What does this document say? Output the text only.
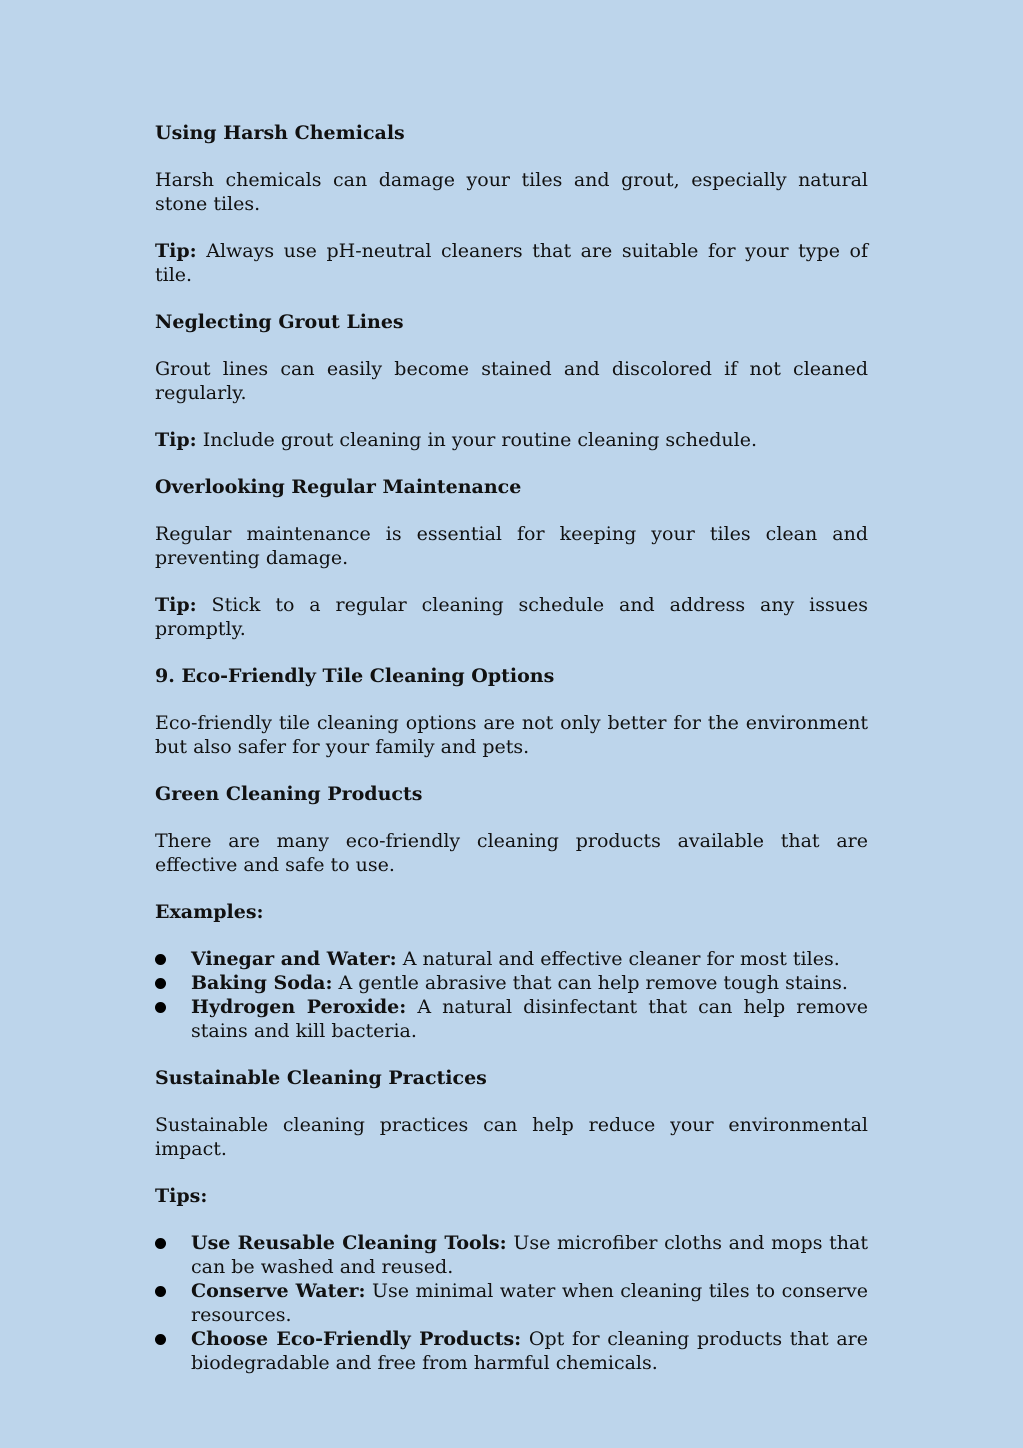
Using Harsh Chemicals
Harsh chemicals can damage your tiles and grout, especially natural stone tiles.
Tip: Always use pH-neutral cleaners that are suitable for your type of tile.
Neglecting Grout Lines
Grout lines can easily become stained and discolored if not cleaned regularly.
Tip: Include grout cleaning in your routine cleaning schedule.
Overlooking Regular Maintenance
Regular maintenance is essential for keeping your tiles clean and preventing damage.
Tip: Stick to a regular cleaning schedule and address any issues promptly.
9. Eco-Friendly Tile Cleaning Options
Eco-friendly tile cleaning options are not only better for the environment but also safer for your family and pets.
Green Cleaning Products
There are many eco-friendly cleaning products available that are effective and safe to use.
Examples:
Vinegar and Water: A natural and effective cleaner for most tiles.
Baking Soda: A gentle abrasive that can help remove tough stains.
Hydrogen Peroxide: A natural disinfectant that can help remove stains and kill bacteria.
Sustainable Cleaning Practices
Sustainable cleaning practices can help reduce your environmental impact.
Tips:
Use Reusable Cleaning Tools: Use microfiber cloths and mops that can be washed and reused.
Conserve Water: Use minimal water when cleaning tiles to conserve resources.
Choose Eco-Friendly Products: Opt for cleaning products that are biodegradable and free from harmful chemicals.
